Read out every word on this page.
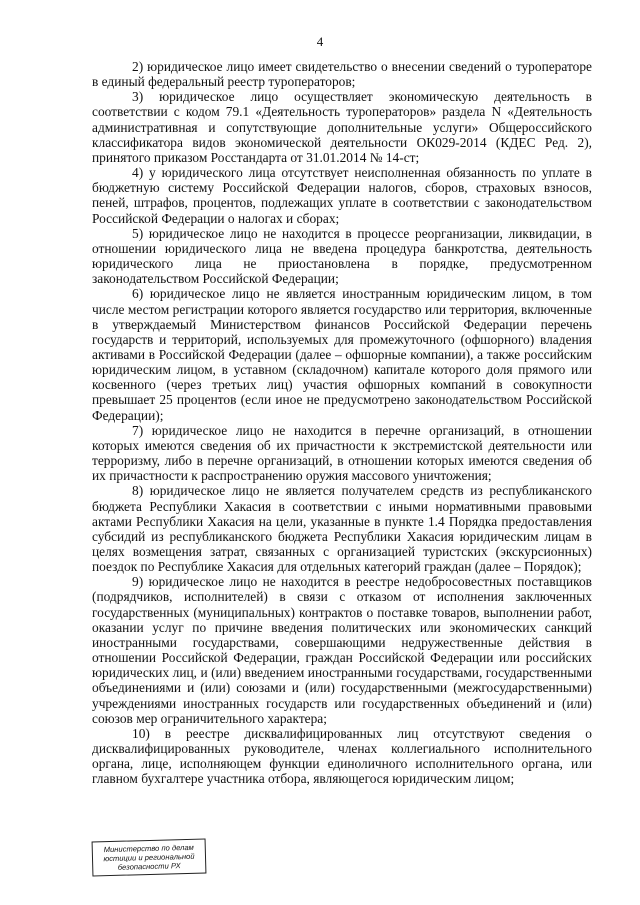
4

2) юридическое лицо имеет свидетельство о внесении сведений о туроператоре в единый федеральный реестр туроператоров;

3) юридическое лицо осуществляет экономическую деятельность в соответствии с кодом 79.1 «Деятельность туроператоров» раздела N «Деятельность административная и сопутствующие дополнительные услуги» Общероссийского классификатора видов экономической деятельности ОК029-2014 (КДЕС Ред. 2), принятого приказом Росстандарта от 31.01.2014 № 14-ст;

4) у юридического лица отсутствует неисполненная обязанность по уплате в бюджетную систему Российской Федерации налогов, сборов, страховых взносов, пеней, штрафов, процентов, подлежащих уплате в соответствии с законодательством Российской Федерации о налогах и сборах;

5) юридическое лицо не находится в процессе реорганизации, ликвидации, в отношении юридического лица не введена процедура банкротства, деятельность юридического лица не приостановлена в порядке, предусмотренном законодательством Российской Федерации;

6) юридическое лицо не является иностранным юридическим лицом, в том числе местом регистрации которого является государство или территория, включенные в утверждаемый Министерством финансов Российской Федерации перечень государств и территорий, используемых для промежуточного (офшорного) владения активами в Российской Федерации (далее – офшорные компании), а также российским юридическим лицом, в уставном (складочном) капитале которого доля прямого или косвенного (через третьих лиц) участия офшорных компаний в совокупности превышает 25 процентов (если иное не предусмотрено законодательством Российской Федерации);

7) юридическое лицо не находится в перечне организаций, в отношении которых имеются сведения об их причастности к экстремистской деятельности или терроризму, либо в перечне организаций, в отношении которых имеются сведения об их причастности к распространению оружия массового уничтожения;

8) юридическое лицо не является получателем средств из республиканского бюджета Республики Хакасия в соответствии с иными нормативными правовыми актами Республики Хакасия на цели, указанные в пункте 1.4 Порядка предоставления субсидий из республиканского бюджета Республики Хакасия юридическим лицам в целях возмещения затрат, связанных с организацией туристских (экскурсионных) поездок по Республике Хакасия для отдельных категорий граждан (далее – Порядок);

9) юридическое лицо не находится в реестре недобросовестных поставщиков (подрядчиков, исполнителей) в связи с отказом от исполнения заключенных государственных (муниципальных) контрактов о поставке товаров, выполнении работ, оказании услуг по причине введения политических или экономических санкций иностранными государствами, совершающими недружественные действия в отношении Российской Федерации, граждан Российской Федерации или российских юридических лиц, и (или) введением иностранными государствами, государственными объединениями и (или) союзами и (или) государственными (межгосударственными) учреждениями иностранных государств или государственных объединений и (или) союзов мер ограничительного характера;

10) в реестре дисквалифицированных лиц отсутствуют сведения о дисквалифицированных руководителе, членах коллегиального исполнительного органа, лице, исполняющем функции единоличного исполнительного органа, или главном бухгалтере участника отбора, являющегося юридическим лицом;

Министерство по делам
юстиции и региональной
безопасности РХ
